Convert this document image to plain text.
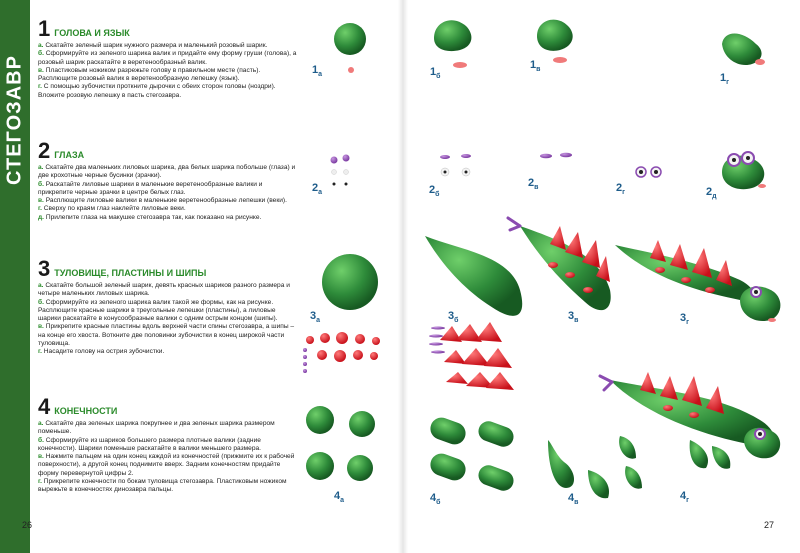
СТЕГОЗАВР
1 ГОЛОВА И ЯЗЫК
а. Скатайте зеленый шарик нужного размера и маленький розовый шарик.
б. Сформируйте из зеленого шарика валик и придайте ему форму груши (голова), а розовый шарик раскатайте в веретенообразный валик.
в. Пластиковым ножиком разрежьте голову в правильном месте (пасть). Расплющите розовый валик в веретенообразную лепешку (язык).
г. С помощью зубочистки проткните дырочки с обеих сторон головы (ноздри). Вложите розовую лепешку в пасть стегозавра.
2 ГЛАЗА
а. Скатайте два маленьких лиловых шарика, два белых шарика побольше (глаза) и две крохотные черные бусинки (зрачки).
б. Раскатайте лиловые шарики в маленькие веретенообразные валики и прикрепите черные зрачки в центре белых глаз.
в. Расплющите лиловые валики в маленькие веретенообразные лепешки (веки).
г. Сверху по краям глаз наклейте лиловые веки.
д. Прилепите глаза на макушке стегозавра так, как показано на рисунке.
3 ТУЛОВИЩЕ, ПЛАСТИНЫ И ШИПЫ
а. Скатайте большой зеленый шарик, девять красных шариков разного размера и четыре маленьких лиловых шарика.
б. Сформируйте из зеленого шарика валик такой же формы, как на рисунке. Расплющите красные шарики в треугольные лепешки (пластины), а лиловые шарики раскатайте в конусообразные валики с одним острым концом (шипы).
в. Прикрепите красные пластины вдоль верхней части спины стегозавра, а шипы – на конце его хвоста. Воткните две половинки зубочистки в конец широкой части туловища.
г. Насадите голову на острия зубочистки.
4 КОНЕЧНОСТИ
а. Скатайте два зеленых шарика покрупнее и два зеленых шарика размером поменьше.
б. Сформируйте из шариков большего размера плотные валики (задние конечности). Шарики поменьше раскатайте в валики меньшего размера.
в. Нажмите пальцем на один конец каждой из конечностей (прижмите их к рабочей поверхности), а другой конец поднимите вверх. Задним конечностям придайте форму перевернутой цифры 2.
г. Прикрепите конечности по бокам туловища стегозавра. Пластиковым ножиком вырежьте в конечностях динозавра пальцы.
26	27
$1_а$	$1_б$
$1_в$
$1_г$
$2_а$	$2_б$
$2_в$	$2_г$	$2_д$
$3_а$	$3_б$	$3_в$	$3_г$
$4_а$	$4_б$	$4_в$
$4_г$
